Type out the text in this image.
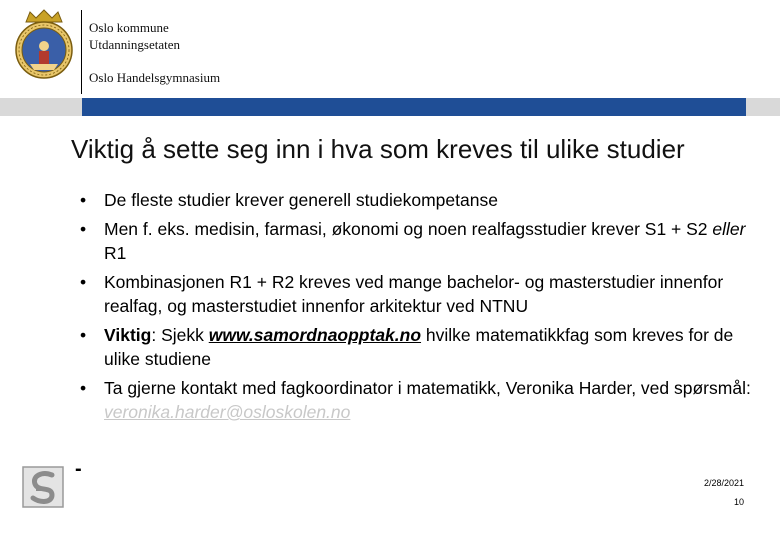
Oslo kommune
Utdanningsetaten
Oslo Handelsgymnasium
Viktig å sette seg inn i hva som kreves til ulike studier
• De fleste studier krever generell studiekompetanse
• Men f. eks. medisin, farmasi, økonomi og noen realfagsstudier krever S1 + S2 eller R1
• Kombinasjonen R1 + R2 kreves ved mange bachelor- og masterstudier innenfor realfag, og masterstudiet innenfor arkitektur ved NTNU
• Viktig: Sjekk www.samordnaopptak.no hvilke matematikkfag som kreves for de ulike studiene
• Ta gjerne kontakt med fagkoordinator i matematikk, Veronika Harder, ved spørsmål: veronika.harder@osloskolen.no
-
2/28/2021
10
